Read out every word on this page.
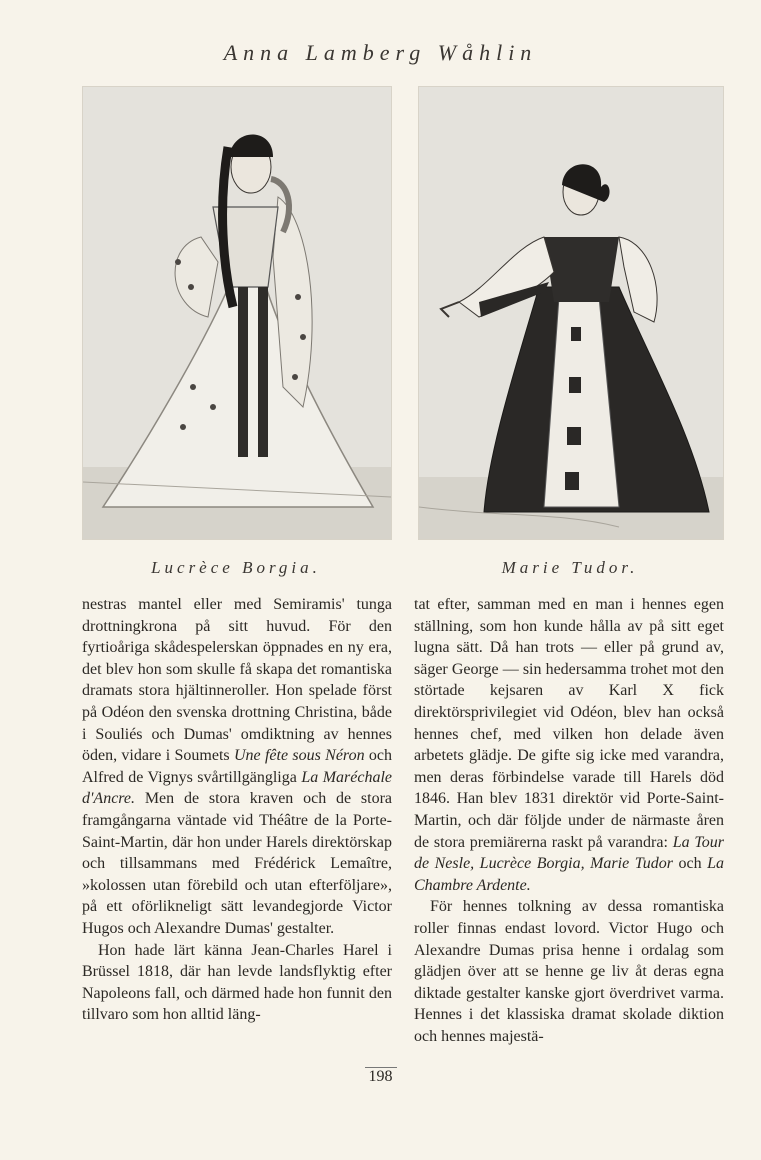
Anna Lamberg Wåhlin
Lucrèce Borgia.	Marie Tudor.

nestras mantel eller med Semiramis' tunga drottningkrona på sitt huvud. För den fyrtioåriga skådespelerskan öppnades en ny era, det blev hon som skulle få skapa det romantiska dramats stora hjältinneroller. Hon spelade först på Odéon den svenska drottning Christina, både i Souliés och Dumas' omdiktning av hennes öden, vidare i Soumets Une fête sous Néron och Alfred de Vignys svårtillgängliga La Maréchale d'Ancre. Men de stora kraven och de stora framgångarna väntade vid Théâtre de la Porte-Saint-Martin, där hon under Harels direktörskap och tillsammans med Frédérick Lemaître, »kolossen utan förebild och utan efterföljare», på ett oförlikneligt sätt levandegjorde Victor Hugos och Alexandre Dumas' gestalter.

Hon hade lärt känna Jean-Charles Harel i Brüssel 1818, där han levde landsflyktig efter Napoleons fall, och därmed hade hon funnit den tillvaro som hon alltid läng-

tat efter, samman med en man i hennes egen ställning, som hon kunde hålla av på sitt eget lugna sätt. Då han trots — eller på grund av, säger George — sin hedersamma trohet mot den störtade kejsaren av Karl X fick direktörsprivilegiet vid Odéon, blev han också hennes chef, med vilken hon delade även arbetets glädje. De gifte sig icke med varandra, men deras förbindelse varade till Harels död 1846. Han blev 1831 direktör vid Porte-Saint-Martin, och där följde under de närmaste åren de stora premiärerna raskt på varandra: La Tour de Nesle, Lucrèce Borgia, Marie Tudor och La Chambre Ardente.

För hennes tolkning av dessa romantiska roller finnas endast lovord. Victor Hugo och Alexandre Dumas prisa henne i ordalag som glädjen över att se henne ge liv åt deras egna diktade gestalter kanske gjort överdrivet varma. Hennes i det klassiska dramat skolade diktion och hennes majestä-

198
